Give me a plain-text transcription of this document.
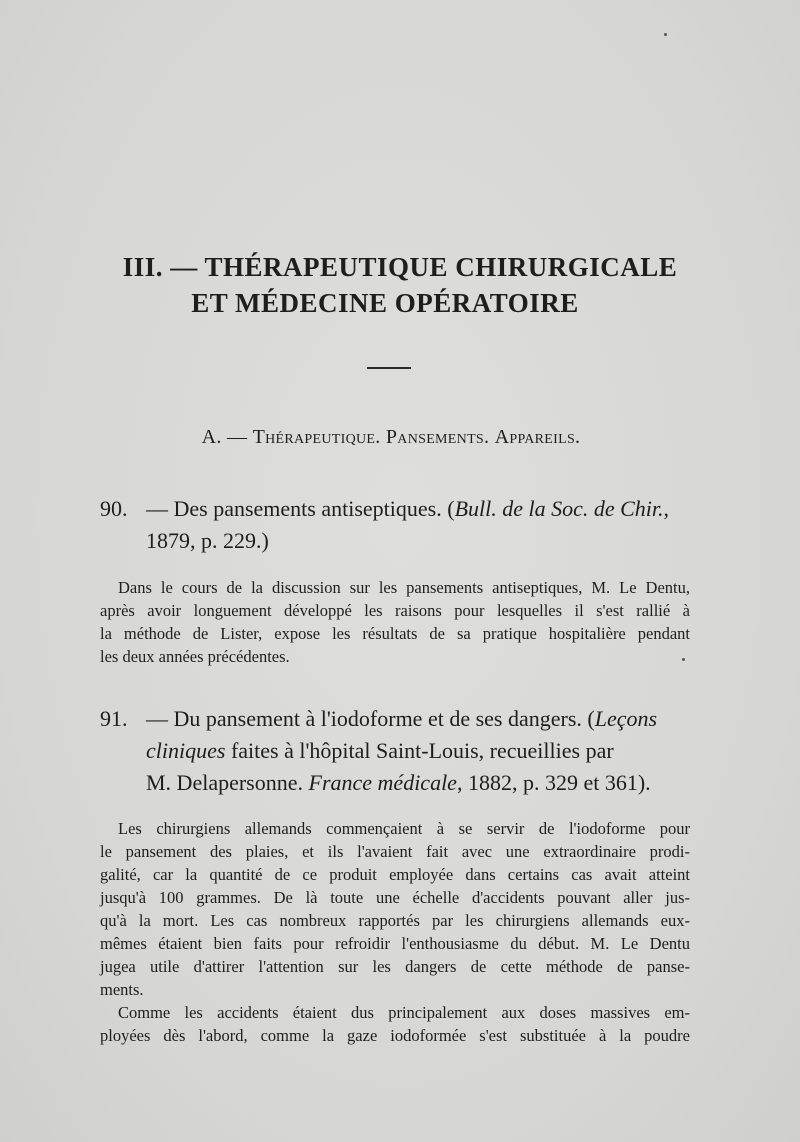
III. — THÉRAPEUTIQUE CHIRURGICALE
ET MÉDECINE OPÉRATOIRE
A. — Thérapeutique. Pansements. Appareils.
90. — Des pansements antiseptiques. (Bull. de la Soc. de Chir.,
1879, p. 229.)
Dans le cours de la discussion sur les pansements antiseptiques, M. Le Dentu,
après avoir longuement développé les raisons pour lesquelles il s'est rallié à
la méthode de Lister, expose les résultats de sa pratique hospitalière pendant
les deux années précédentes.
91. — Du pansement à l'iodoforme et de ses dangers. (Leçons
cliniques faites à l'hôpital Saint-Louis, recueillies par
M. Delapersonne. France médicale, 1882, p. 329 et 361).
Les chirurgiens allemands commençaient à se servir de l'iodoforme pour
le pansement des plaies, et ils l'avaient fait avec une extraordinaire prodi-
galité, car la quantité de ce produit employée dans certains cas avait atteint
jusqu'à 100 grammes. De là toute une échelle d'accidents pouvant aller jus-
qu'à la mort. Les cas nombreux rapportés par les chirurgiens allemands eux-
mêmes étaient bien faits pour refroidir l'enthousiasme du début. M. Le Dentu
jugea utile d'attirer l'attention sur les dangers de cette méthode de panse-
ments.
Comme les accidents étaient dus principalement aux doses massives em-
ployées dès l'abord, comme la gaze iodoformée s'est substituée à la poudre
